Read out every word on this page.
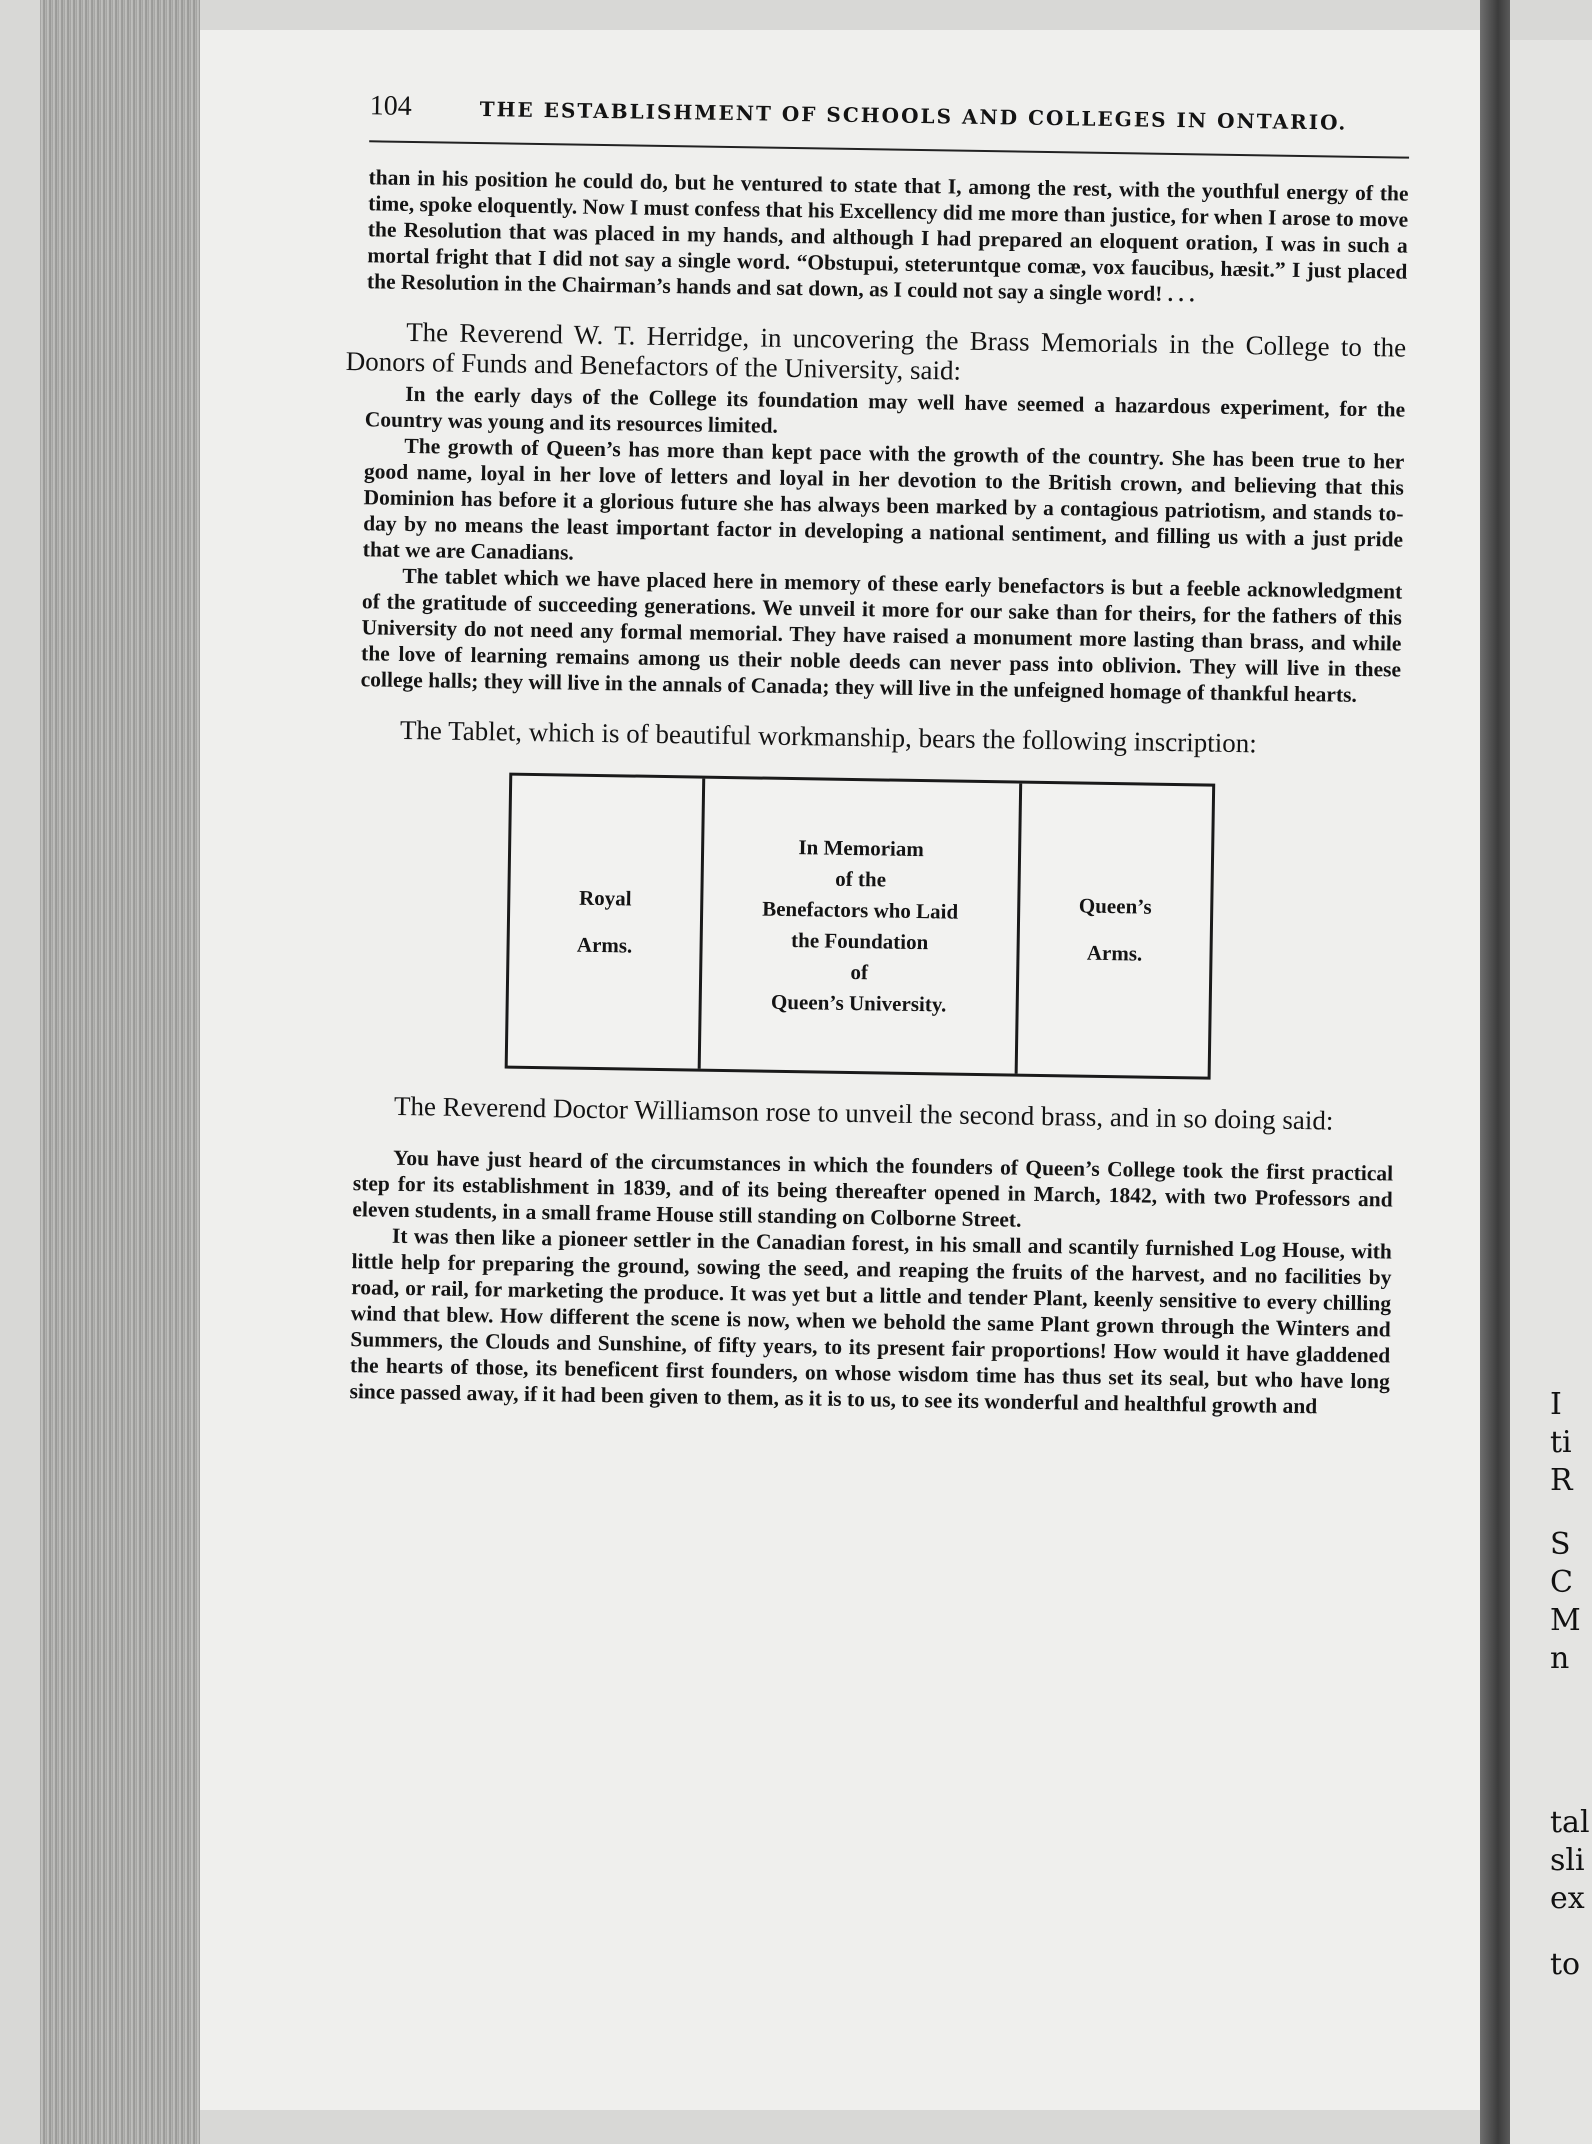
I
ti
R
S
C
M
n
tal
sli
ex
to
104	THE ESTABLISHMENT OF SCHOOLS AND COLLEGES IN ONTARIO.

than in his position he could do, but he ventured to state that I, among the rest, with the youthful energy of the time, spoke eloquently. Now I must confess that his Excellency did me more than justice, for when I arose to move the Resolution that was placed in my hands, and although I had prepared an eloquent oration, I was in such a mortal fright that I did not say a single word. “Obstupui, steteruntque comæ, vox faucibus, hæsit.” I just placed the Resolution in the Chairman’s hands and sat down, as I could not say a single word! . . .

The Reverend W. T. Herridge, in uncovering the Brass Memorials in the College to the Donors of Funds and Benefactors of the University, said:

In the early days of the College its foundation may well have seemed a hazardous experiment, for the Country was young and its resources limited.

The growth of Queen’s has more than kept pace with the growth of the country. She has been true to her good name, loyal in her love of letters and loyal in her devotion to the British crown, and believing that this Dominion has before it a glorious future she has always been marked by a contagious patriotism, and stands to-day by no means the least important factor in developing a national sentiment, and filling us with a just pride that we are Canadians.

The tablet which we have placed here in memory of these early benefactors is but a feeble acknowledgment of the gratitude of succeeding generations. We unveil it more for our sake than for theirs, for the fathers of this University do not need any formal memorial. They have raised a monument more lasting than brass, and while the love of learning remains among us their noble deeds can never pass into oblivion. They will live in these college halls; they will live in the annals of Canada; they will live in the unfeigned homage of thankful hearts.

The Tablet, which is of beautiful workmanship, bears the following inscription:

Royal
Arms.
In Memoriam
of the
Benefactors who Laid
the Foundation
of
Queen’s University.
Queen’s
Arms.

The Reverend Doctor Williamson rose to unveil the second brass, and in so doing said:

You have just heard of the circumstances in which the founders of Queen’s College took the first practical step for its establishment in 1839, and of its being thereafter opened in March, 1842, with two Professors and eleven students, in a small frame House still standing on Colborne Street.

It was then like a pioneer settler in the Canadian forest, in his small and scantily furnished Log House, with little help for preparing the ground, sowing the seed, and reaping the fruits of the harvest, and no facilities by road, or rail, for marketing the produce. It was yet but a little and tender Plant, keenly sensitive to every chilling wind that blew. How different the scene is now, when we behold the same Plant grown through the Winters and Summers, the Clouds and Sunshine, of fifty years, to its present fair proportions! How would it have gladdened the hearts of those, its beneficent first founders, on whose wisdom time has thus set its seal, but who have long since passed away, if it had been given to them, as it is to us, to see its wonderful and healthful growth and
